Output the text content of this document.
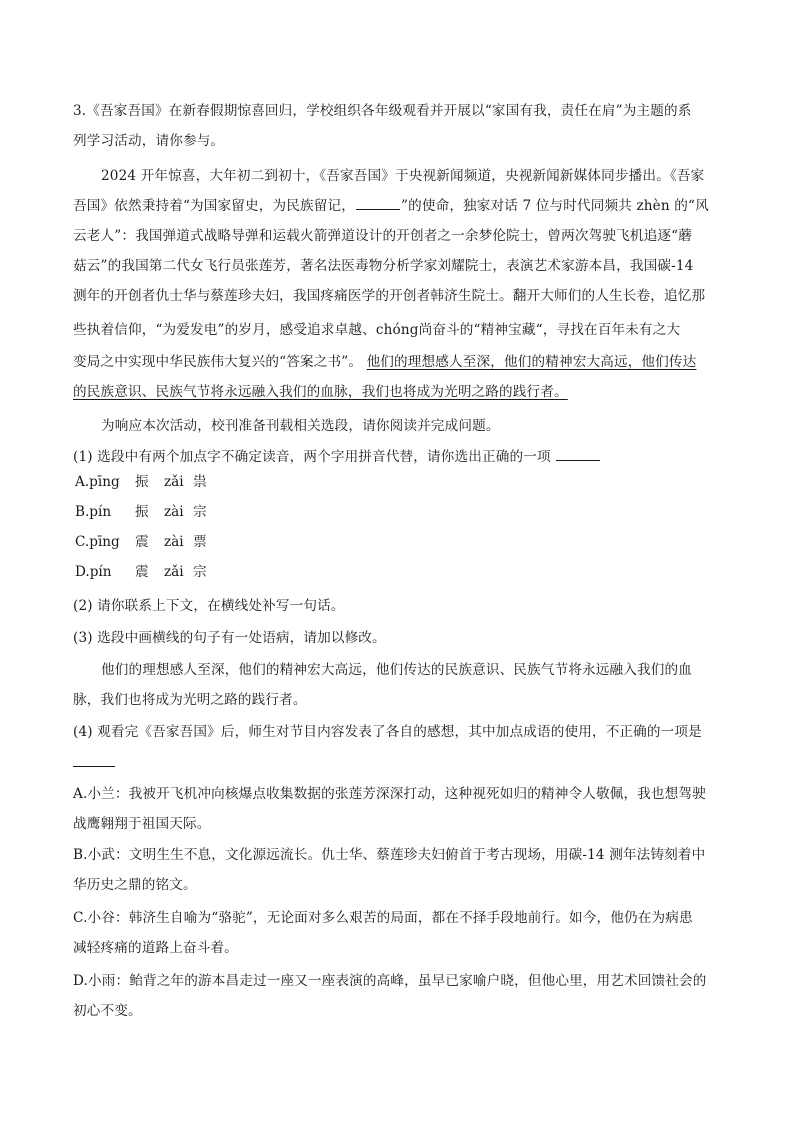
3.《吾家吾国》在新春假期惊喜回归，学校组织各年级观看并开展以“家国有我，责任在肩”为主题的系
列学习活动，请你参与。
2024 开年惊喜，大年初二到初十，《吾家吾国》于央视新闻频道，央视新闻新媒体同步播出。《吾家
吾国》依然秉持着“为国家留史，为民族留记，	”的使命，独家对话 7 位与时代同频共 zhèn 的“风
云老人”：我国弹道式战略导弹和运载火箭弹道设计的开创者之一余梦伦院士，曾两次驾驶飞机追逐“蘑
菇云”的我国第二代女飞行员张莲芳，著名法医毒物分析学家刘耀院士，表演艺术家游本昌，我国碳-14
测年的开创者仇士华与蔡莲珍夫妇，我国疼痛医学的开创者韩济生院士。翻开大师们的人生长卷，追忆那
些执着信仰，“为爱发电”的岁月，感受追求卓越、chóng尚奋斗的“精神宝藏“，寻找在百年未有之大
变局之中实现中华民族伟大复兴的“答案之书”。 他们的理想感人至深，他们的精神宏大高远，他们传达
的民族意识、民族气节将永远融入我们的血脉，我们也将成为光明之路的践行者。
为响应本次活动，校刊准备刊载相关选段，请你阅读并完成问题。
(1) 选段中有两个加点字不确定读音，两个字用拼音代替，请你选出正确的一项
A.pīng 振 zǎi 祟
B.pín 振 zài 宗
C.pīng 震 zài 票
D.pín 震 zǎi 宗
(2) 请你联系上下文，在横线处补写一句话。
(3) 选段中画横线的句子有一处语病，请加以修改。
他们的理想感人至深，他们的精神宏大高远，他们传达的民族意识、民族气节将永远融入我们的血
脉，我们也将成为光明之路的践行者。
(4) 观看完《吾家吾国》后，师生对节目内容发表了各自的感想，其中加点成语的使用，不正确的一项是
A.小兰：我被开飞机冲向核爆点收集数据的张莲芳深深打动，这种视死如归的精神令人敬佩，我也想驾驶
战鹰翱翔于祖国天际。
B.小武：文明生生不息，文化源远流长。仇士华、蔡莲珍夫妇俯首于考古现场，用碳-14 测年法铸刻着中
华历史之鼎的铭文。
C.小谷：韩济生自喻为“骆驼”，无论面对多么艰苦的局面，都在不择手段地前行。如今，他仍在为病患
减轻疼痛的道路上奋斗着。
D.小雨：鲐背之年的游本昌走过一座又一座表演的高峰，虽早已家喻户晓，但他心里，用艺术回馈社会的
初心不变。
